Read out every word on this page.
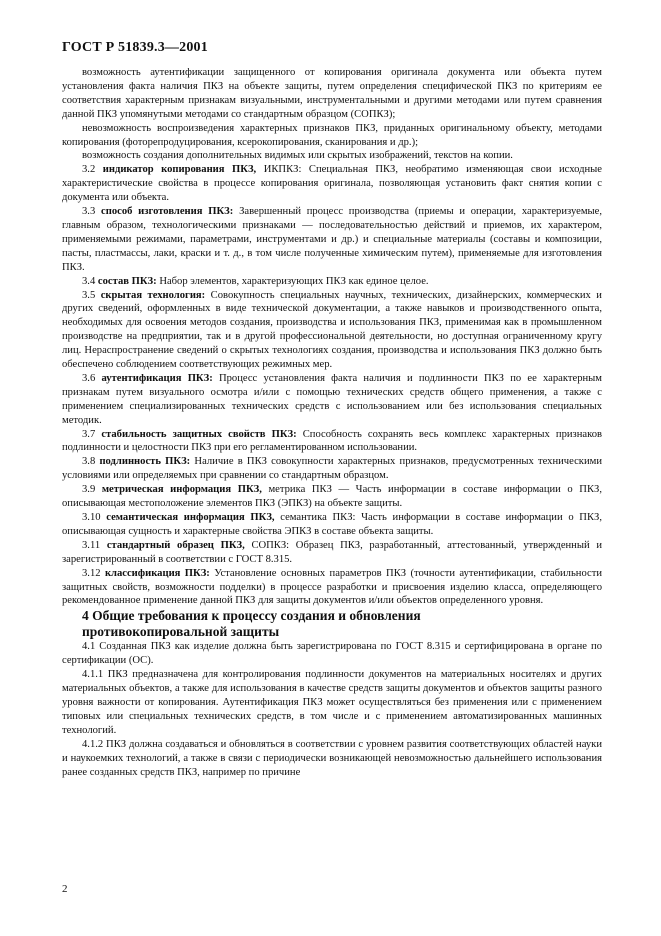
ГОСТ Р 51839.3—2001

возможность аутентификации защищенного от копирования оригинала документа или объекта путем установления факта наличия ПКЗ на объекте защиты, путем определения специфической ПКЗ по критериям ее соответствия характерным признакам визуальными, инструментальными и другими методами или путем сравнения данной ПКЗ упомянутыми методами со стандартным образцом (СОПКЗ);

невозможность воспроизведения характерных признаков ПКЗ, приданных оригинальному объекту, методами копирования (фоторепродуцирования, ксерокопирования, сканирования и др.);

возможность создания дополнительных видимых или скрытых изображений, текстов на копии.

3.2 индикатор копирования ПКЗ, ИКПКЗ: Специальная ПКЗ, необратимо изменяющая свои исходные характеристические свойства в процессе копирования оригинала, позволяющая установить факт снятия копии с документа или объекта.

3.3 способ изготовления ПКЗ: Завершенный процесс производства (приемы и операции, характеризуемые, главным образом, технологическими признаками — последовательностью действий и приемов, их характером, применяемыми режимами, параметрами, инструментами и др.) и специальные материалы (составы и композиции, пасты, пластмассы, лаки, краски и т. д., в том числе полученные химическим путем), применяемые для изготовления ПКЗ.

3.4 состав ПКЗ: Набор элементов, характеризующих ПКЗ как единое целое.

3.5 скрытая технология: Совокупность специальных научных, технических, дизайнерских, коммерческих и других сведений, оформленных в виде технической документации, а также навыков и производственного опыта, необходимых для освоения методов создания, производства и использования ПКЗ, применимая как в промышленном производстве на предприятии, так и в другой профессиональной деятельности, но доступная ограниченному кругу лиц. Нераспространение сведений о скрытых технологиях создания, производства и использования ПКЗ должно быть обеспечено соблюдением соответствующих режимных мер.

3.6 аутентификация ПКЗ: Процесс установления факта наличия и подлинности ПКЗ по ее характерным признакам путем визуального осмотра и/или с помощью технических средств общего применения, а также с применением специализированных технических средств с использованием или без использования специальных методик.

3.7 стабильность защитных свойств ПКЗ: Способность сохранять весь комплекс характерных признаков подлинности и целостности ПКЗ при его регламентированном использовании.

3.8 подлинность ПКЗ: Наличие в ПКЗ совокупности характерных признаков, предусмотренных техническими условиями или определяемых при сравнении со стандартным образцом.

3.9 метрическая информация ПКЗ, метрика ПКЗ — Часть информации в составе информации о ПКЗ, описывающая местоположение элементов ПКЗ (ЭПКЗ) на объекте защиты.

3.10 семантическая информация ПКЗ, семантика ПКЗ: Часть информации в составе информации о ПКЗ, описывающая сущность и характерные свойства ЭПКЗ в составе объекта защиты.

3.11 стандартный образец ПКЗ, СОПКЗ: Образец ПКЗ, разработанный, аттестованный, утвержденный и зарегистрированный в соответствии с ГОСТ 8.315.

3.12 классификация ПКЗ: Установление основных параметров ПКЗ (точности аутентификации, стабильности защитных свойств, возможности подделки) в процессе разработки и присвоения изделию класса, определяющего рекомендованное применение данной ПКЗ для защиты документов и/или объектов определенного уровня.

4 Общие требования к процессу создания и обновления
противокопировальной защиты

4.1 Созданная ПКЗ как изделие должна быть зарегистрирована по ГОСТ 8.315 и сертифицирована в органе по сертификации (ОС).

4.1.1 ПКЗ предназначена для контролирования подлинности документов на материальных носителях и других материальных объектов, а также для использования в качестве средств защиты документов и объектов защиты разного уровня важности от копирования. Аутентификация ПКЗ может осуществляться без применения или с применением типовых или специальных технических средств, в том числе и с применением автоматизированных машинных технологий.

4.1.2 ПКЗ должна создаваться и обновляться в соответствии с уровнем развития соответствующих областей науки и наукоемких технологий, а также в связи с периодически возникающей невозможностью дальнейшего использования ранее созданных средств ПКЗ, например по причине

2
